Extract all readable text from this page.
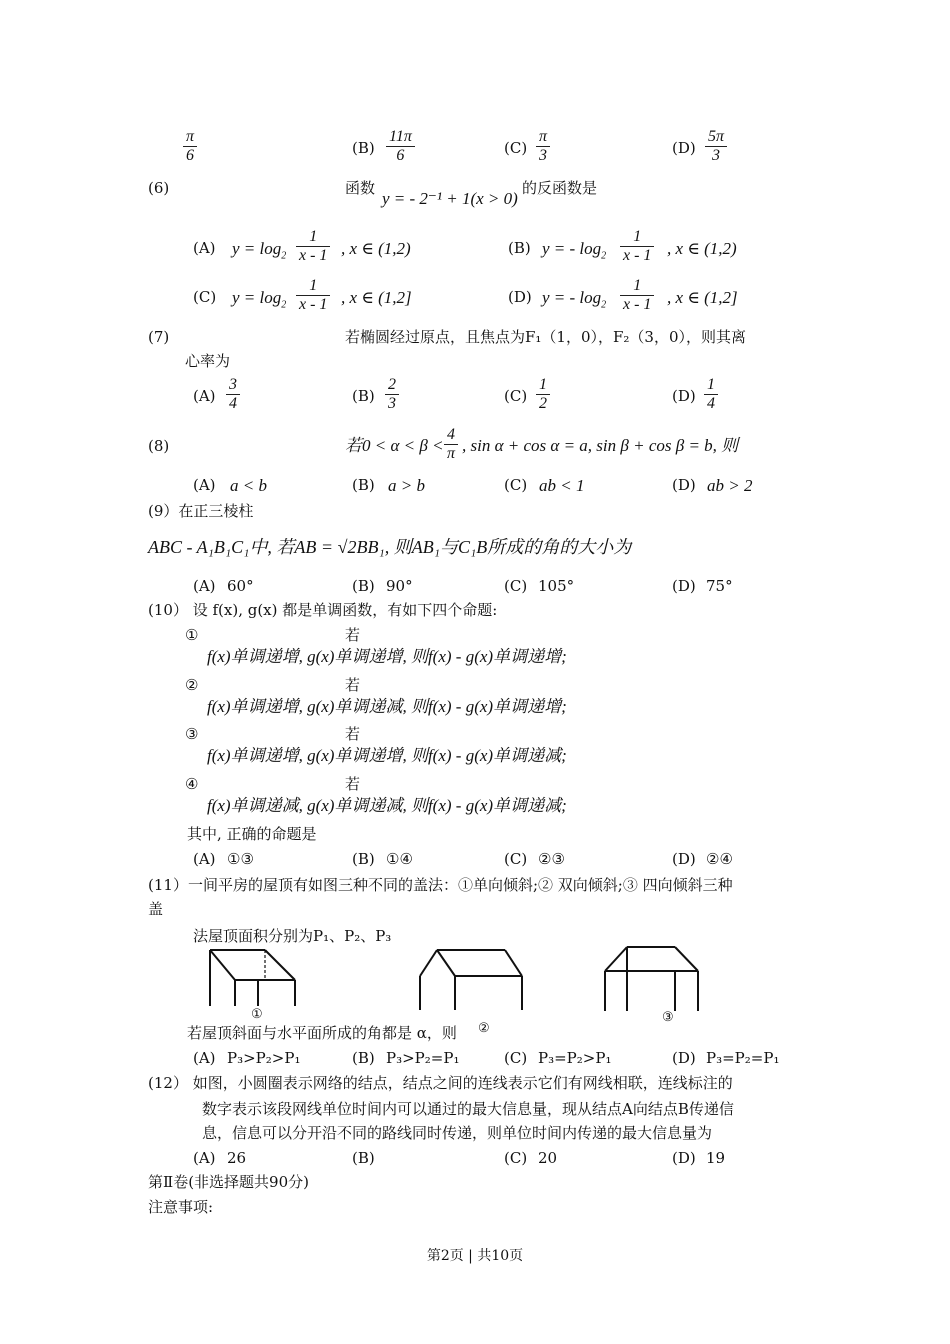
π
6	(B)
11π
6	(C)
π
3	(D)
5π
3
(6)	函数
y = - 2⁻¹ + 1(x > 0)
的反函数是
(A) $y = \log_2$
1
x - 1 , x ∈ (1,2)	(B) y = - $\log_2$
1
x - 1 , x ∈ (1,2)
(C) $y = \log_2$
1
x - 1 , x ∈ (1,2]	(D) y = - $\log_2$
1
x - 1 , x ∈ (1,2]
(7)	若椭圆经过原点，且焦点为F₁（1，0），F₂（3，0），则其离
心率为
(A)
3
4	(B)
2
3	(C)
1
2	(D)
1
4
(8)	若0 < α < β <
4
π , sin α + cos α = a, sin β + cos β = b, 则
(A) a < b	(B) a > b	(C) ab < 1	(D) ab > 2
(9）在正三棱柱
ABC - A₁B₁C₁中, 若AB = √2BB₁, 则AB₁与C₁B所成的角的大小为
(A) 60°	(B) 90°	(C) 105°	(D) 75°
(10） 设 f(x), g(x) 都是单调函数，有如下四个命题:
①	若
f(x)单调递增, g(x)单调递增, 则f(x) - g(x)单调递增;
②	若
f(x)单调递增, g(x)单调递减, 则f(x) - g(x)单调递增;
③	若
f(x)单调递增, g(x)单调递增, 则f(x) - g(x)单调递减;
④	若
f(x)单调递减, g(x)单调递减, 则f(x) - g(x)单调递减;
其中, 正确的命题是
(A) ①③	(B) ①④	(C) ②③	(D) ②④
(11）一间平房的屋顶有如图三种不同的盖法：①单向倾斜;② 双向倾斜;③ 四向倾斜三种
盖
法屋顶面积分别为P₁、P₂、P₃
①	③
若屋顶斜面与水平面所成的角都是 α，则 ②
(A) P₃>P₂>P₁	(B) P₃>P₂=P₁	(C) P₃=P₂>P₁	(D) P₃=P₂=P₁
(12） 如图，小圆圈表示网络的结点，结点之间的连线表示它们有网线相联，连线标注的
数字表示该段网线单位时间内可以通过的最大信息量，现从结点A向结点B传递信
息，信息可以分开沿不同的路线同时传递，则单位时间内传递的最大信息量为
(A) 26	(B)	(C) 20	(D) 19
第Ⅱ卷(非选择题共90分)
注意事项:
第2页 | 共10页
